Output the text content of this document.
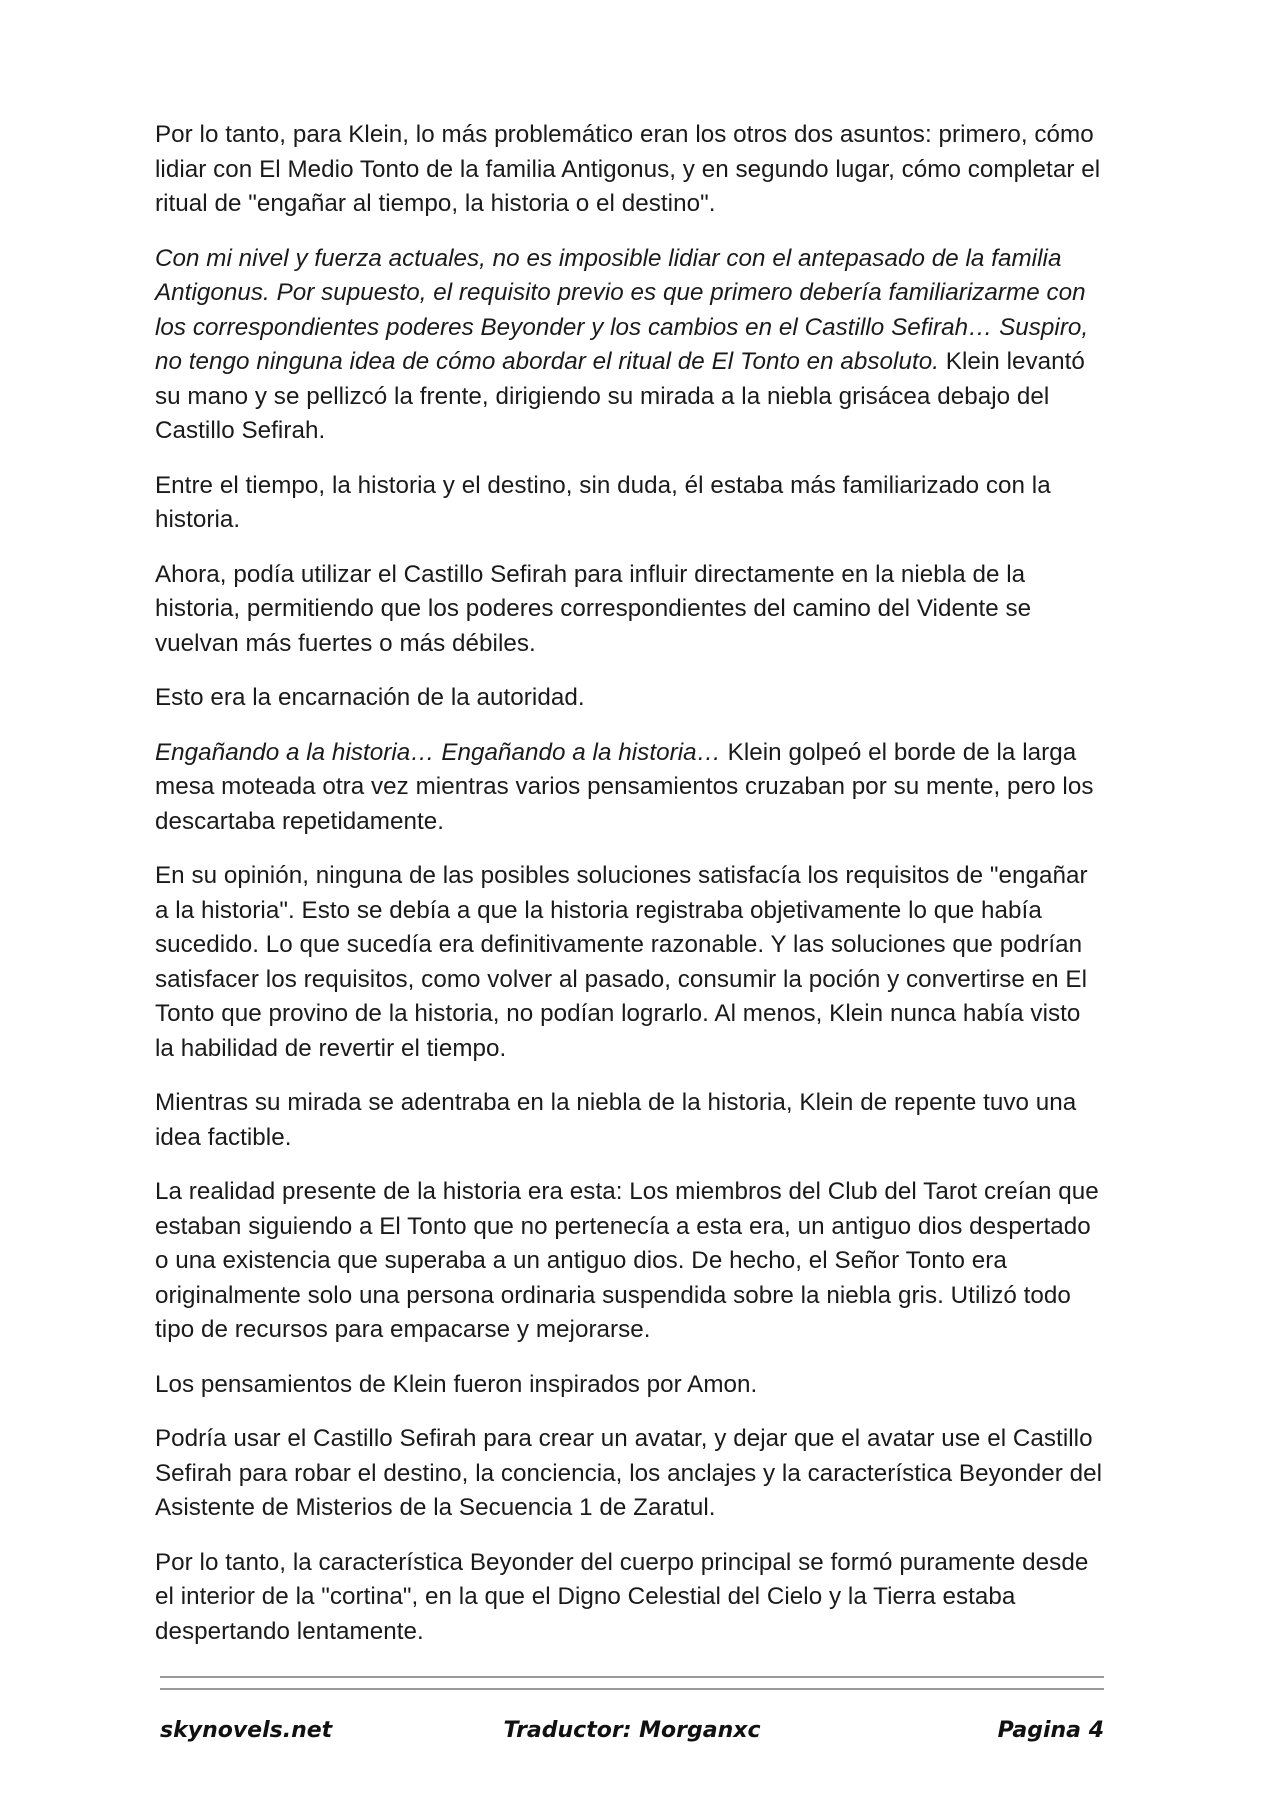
Por lo tanto, para Klein, lo más problemático eran los otros dos asuntos: primero, cómo lidiar con El Medio Tonto de la familia Antigonus, y en segundo lugar, cómo completar el ritual de "engañar al tiempo, la historia o el destino".

Con mi nivel y fuerza actuales, no es imposible lidiar con el antepasado de la familia Antigonus. Por supuesto, el requisito previo es que primero debería familiarizarme con los correspondientes poderes Beyonder y los cambios en el Castillo Sefirah… Suspiro, no tengo ninguna idea de cómo abordar el ritual de El Tonto en absoluto. Klein levantó su mano y se pellizcó la frente, dirigiendo su mirada a la niebla grisácea debajo del Castillo Sefirah.

Entre el tiempo, la historia y el destino, sin duda, él estaba más familiarizado con la historia.

Ahora, podía utilizar el Castillo Sefirah para influir directamente en la niebla de la historia, permitiendo que los poderes correspondientes del camino del Vidente se vuelvan más fuertes o más débiles.

Esto era la encarnación de la autoridad.

Engañando a la historia… Engañando a la historia… Klein golpeó el borde de la larga mesa moteada otra vez mientras varios pensamientos cruzaban por su mente, pero los descartaba repetidamente.

En su opinión, ninguna de las posibles soluciones satisfacía los requisitos de "engañar a la historia". Esto se debía a que la historia registraba objetivamente lo que había sucedido. Lo que sucedía era definitivamente razonable. Y las soluciones que podrían satisfacer los requisitos, como volver al pasado, consumir la poción y convertirse en El Tonto que provino de la historia, no podían lograrlo. Al menos, Klein nunca había visto la habilidad de revertir el tiempo.

Mientras su mirada se adentraba en la niebla de la historia, Klein de repente tuvo una idea factible.

La realidad presente de la historia era esta: Los miembros del Club del Tarot creían que estaban siguiendo a El Tonto que no pertenecía a esta era, un antiguo dios despertado o una existencia que superaba a un antiguo dios. De hecho, el Señor Tonto era originalmente solo una persona ordinaria suspendida sobre la niebla gris. Utilizó todo tipo de recursos para empacarse y mejorarse.

Los pensamientos de Klein fueron inspirados por Amon.

Podría usar el Castillo Sefirah para crear un avatar, y dejar que el avatar use el Castillo Sefirah para robar el destino, la conciencia, los anclajes y la característica Beyonder del Asistente de Misterios de la Secuencia 1 de Zaratul.

Por lo tanto, la característica Beyonder del cuerpo principal se formó puramente desde el interior de la "cortina", en la que el Digno Celestial del Cielo y la Tierra estaba despertando lentamente.

skynovels.net	Traductor: Morganxc	Pagina 4
